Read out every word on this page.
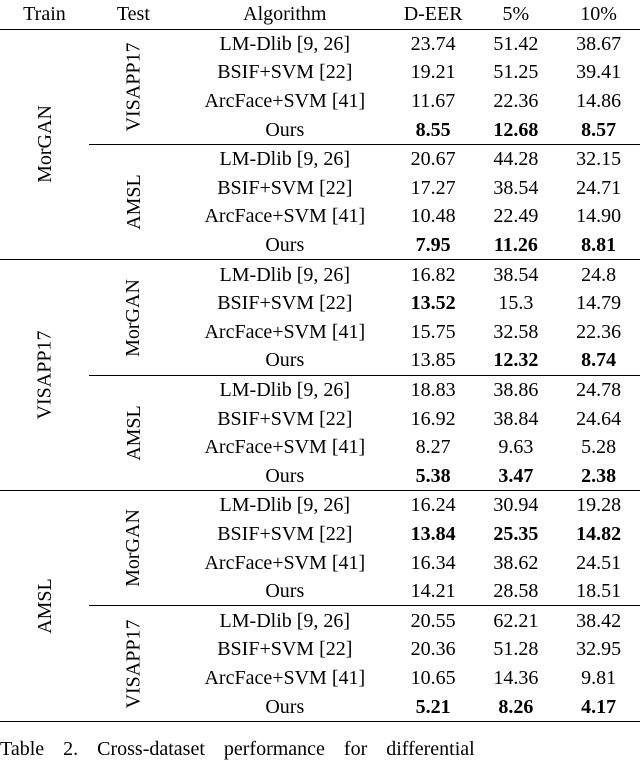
Train	Test	Algorithm	D-EER	5%	10%
MorGAN	VISAPP17	LM-Dlib [9, 26]	23.74	51.42	38.67
		BSIF+SVM [22]	19.21	51.25	39.41
		ArcFace+SVM [41]	11.67	22.36	14.86
		Ours	8.55	12.68	8.57
	AMSL	LM-Dlib [9, 26]	20.67	44.28	32.15
		BSIF+SVM [22]	17.27	38.54	24.71
		ArcFace+SVM [41]	10.48	22.49	14.90
		Ours	7.95	11.26	8.81
VISAPP17	MorGAN	LM-Dlib [9, 26]	16.82	38.54	24.8
		BSIF+SVM [22]	13.52	15.3	14.79
		ArcFace+SVM [41]	15.75	32.58	22.36
		Ours	13.85	12.32	8.74
	AMSL	LM-Dlib [9, 26]	18.83	38.86	24.78
		BSIF+SVM [22]	16.92	38.84	24.64
		ArcFace+SVM [41]	8.27	9.63	5.28
		Ours	5.38	3.47	2.38
AMSL	MorGAN	LM-Dlib [9, 26]	16.24	30.94	19.28
		BSIF+SVM [22]	13.84	25.35	14.82
		ArcFace+SVM [41]	16.34	38.62	24.51
		Ours	14.21	28.58	18.51
	VISAPP17	LM-Dlib [9, 26]	20.55	62.21	38.42
		BSIF+SVM [22]	20.36	51.28	32.95
		ArcFace+SVM [41]	10.65	14.36	9.81
		Ours	5.21	8.26	4.17
Table 2. Cross-dataset performance for differential
